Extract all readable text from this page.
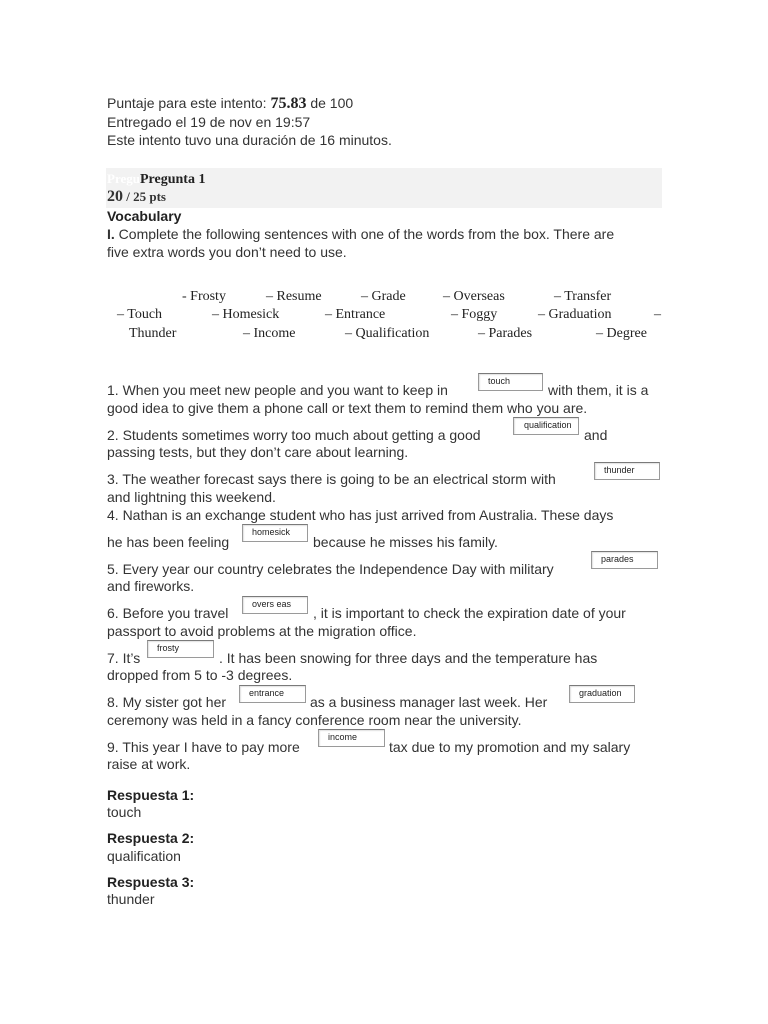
Puntaje para este intento: 75.83 de 100
Entregado el 19 de nov en 19:57
Este intento tuvo una duración de 16 minutos.
PreguPregunta 1
20 / 25 pts
Vocabulary
I. Complete the following sentences with one of the words from the box. There are
five extra words you don’t need to use.
- Frosty	– Resume	– Grade	– Overseas	– Transfer
– Touch	– Homesick	– Entrance	– Foggy	– Graduation	–
Thunder	– Income	– Qualification	– Parades	– Degree
1. When you meet new people and you want to keep in
touch
with them, it is a
good idea to give them a phone call or text them to remind them who you are.
2. Students sometimes worry too much about getting a good
qualification
and
passing tests, but they don’t care about learning.
3. The weather forecast says there is going to be an electrical storm with
thunder
and lightning this weekend.
4. Nathan is an exchange student who has just arrived from Australia. These days
he has been feeling
homesick
because he misses his family.
5. Every year our country celebrates the Independence Day with military
parades
and fireworks.
6. Before you travel
overs eas
, it is important to check the expiration date of your
passport to avoid problems at the migration office.
7. It’s
frosty
. It has been snowing for three days and the temperature has
dropped from 5 to -3 degrees.
8. My sister got her
entrance
as a business manager last week. Her
graduation
ceremony was held in a fancy conference room near the university.
9. This year I have to pay more
income
tax due to my promotion and my salary
raise at work.
Respuesta 1:
touch
Respuesta 2:
qualification
Respuesta 3:
thunder
